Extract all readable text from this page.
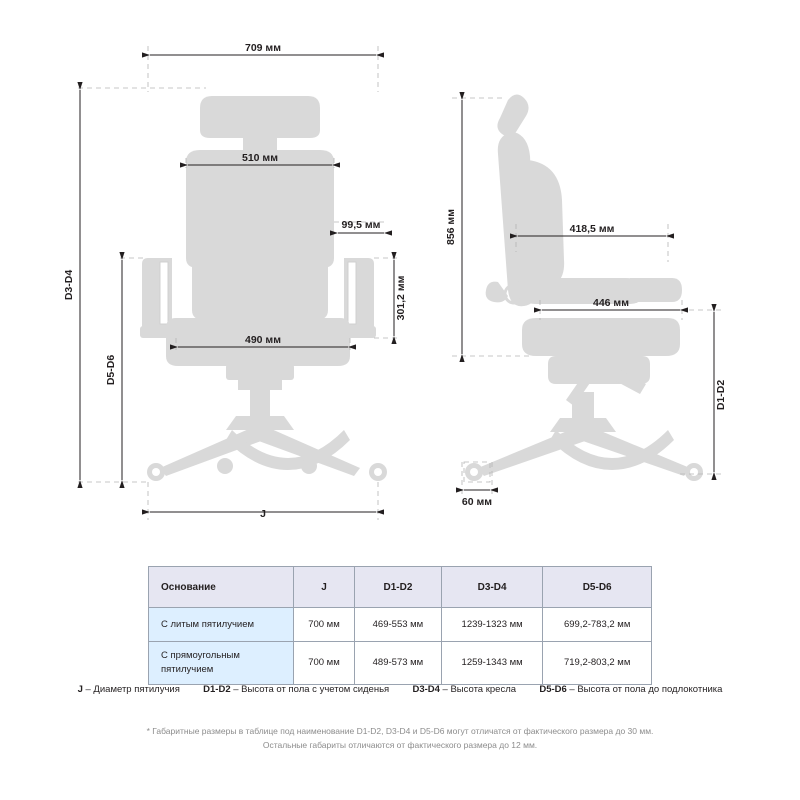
709 мм
510 мм
99,5 мм
490 мм
301,2 мм
D3-D4
D5-D6
J
856 мм	418,5 мм
446 мм
D1-D2
60 мм
Основание	J	D1-D2	D3-D4	D5-D6
С литым пятилучием	700 мм	469-553 мм	1239-1323 мм	699,2-783,2 мм
С прямоугольным пятилучием	700 мм	489-573 мм	1259-1343 мм	719,2-803,2 мм
J – Диаметр пятилучия D1-D2 – Высота от пола с учетом сиденья D3-D4 – Высота кресла D5-D6 – Высота от пола до подлокотника
* Габаритные размеры в таблице под наименование D1-D2, D3-D4 и D5-D6 могут отличатся от фактического размера до 30 мм.
Остальные габариты отличаются от фактического размера до 12 мм.
